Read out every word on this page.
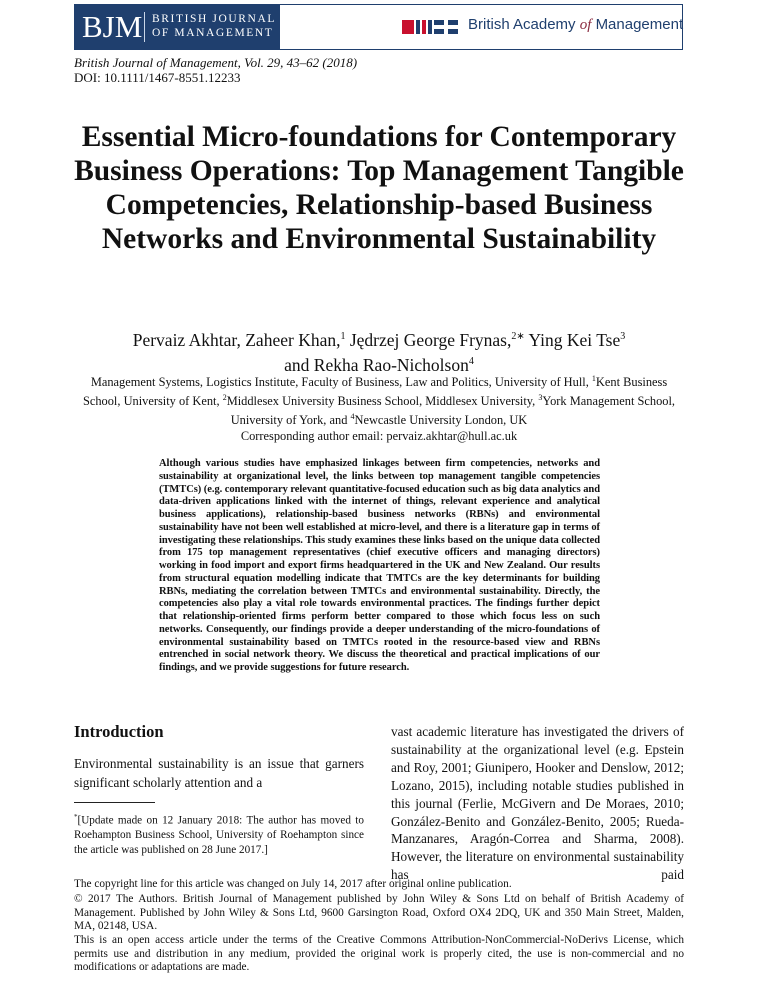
BJM BRITISH JOURNAL
OF MANAGEMENT	British Academy of Management
British Journal of Management, Vol. 29, 43–62 (2018)
DOI: 10.1111/1467-8551.12233
Essential Micro-foundations for Contemporary Business Operations: Top Management Tangible Competencies, Relationship-based Business Networks and Environmental Sustainability
Pervaiz Akhtar, Zaheer Khan,$^1$ Jędrzej George Frynas,$^{2∗}$ Ying Kei Tse$^3$
and Rekha Rao-Nicholson$^4$
Management Systems, Logistics Institute, Faculty of Business, Law and Politics, University of Hull, $^1$Kent Business School, University of Kent, $^2$Middlesex University Business School, Middlesex University, $^3$York Management School, University of York, and $^4$Newcastle University London, UK
Corresponding author email: pervaiz.akhtar@hull.ac.uk
Although various studies have emphasized linkages between firm competencies, networks and sustainability at organizational level, the links between top management tangible competencies (TMTCs) (e.g. contemporary relevant quantitative-focused education such as big data analytics and data-driven applications linked with the internet of things, relevant experience and analytical business applications), relationship-based business networks (RBNs) and environmental sustainability have not been well established at micro-level, and there is a literature gap in terms of investigating these relationships. This study examines these links based on the unique data collected from 175 top management representatives (chief executive officers and managing directors) working in food import and export firms headquartered in the UK and New Zealand. Our results from structural equation modelling indicate that TMTCs are the key determinants for building RBNs, mediating the correlation between TMTCs and environmental sustainability. Directly, the competencies also play a vital role towards environmental practices. The findings further depict that relationship-oriented firms perform better compared to those which focus less on such networks. Consequently, our findings provide a deeper understanding of the micro-foundations of environmental sustainability based on TMTCs rooted in the resource-based view and RBNs entrenched in social network theory. We discuss the theoretical and practical implications of our findings, and we provide suggestions for future research.
Introduction
Environmental sustainability is an issue that garners significant scholarly attention and a
*[Update made on 12 January 2018: The author has moved to Roehampton Business School, University of Roehampton since the article was published on 28 June 2017.]
vast academic literature has investigated the drivers of sustainability at the organizational level (e.g. Epstein and Roy, 2001; Giunipero, Hooker and Denslow, 2012; Lozano, 2015), including notable studies published in this journal (Ferlie, McGivern and De Moraes, 2010; González-Benito and González-Benito, 2005; Rueda-Manzanares, Aragón-Correa and Sharma, 2008). However, the literature on environmental sustainability has paid
The copyright line for this article was changed on July 14, 2017 after original online publication.
© 2017 The Authors. British Journal of Management published by John Wiley & Sons Ltd on behalf of British Academy of Management. Published by John Wiley & Sons Ltd, 9600 Garsington Road, Oxford OX4 2DQ, UK and 350 Main Street, Malden, MA, 02148, USA.
This is an open access article under the terms of the Creative Commons Attribution-NonCommercial-NoDerivs License, which permits use and distribution in any medium, provided the original work is properly cited, the use is non-commercial and no modifications or adaptations are made.
